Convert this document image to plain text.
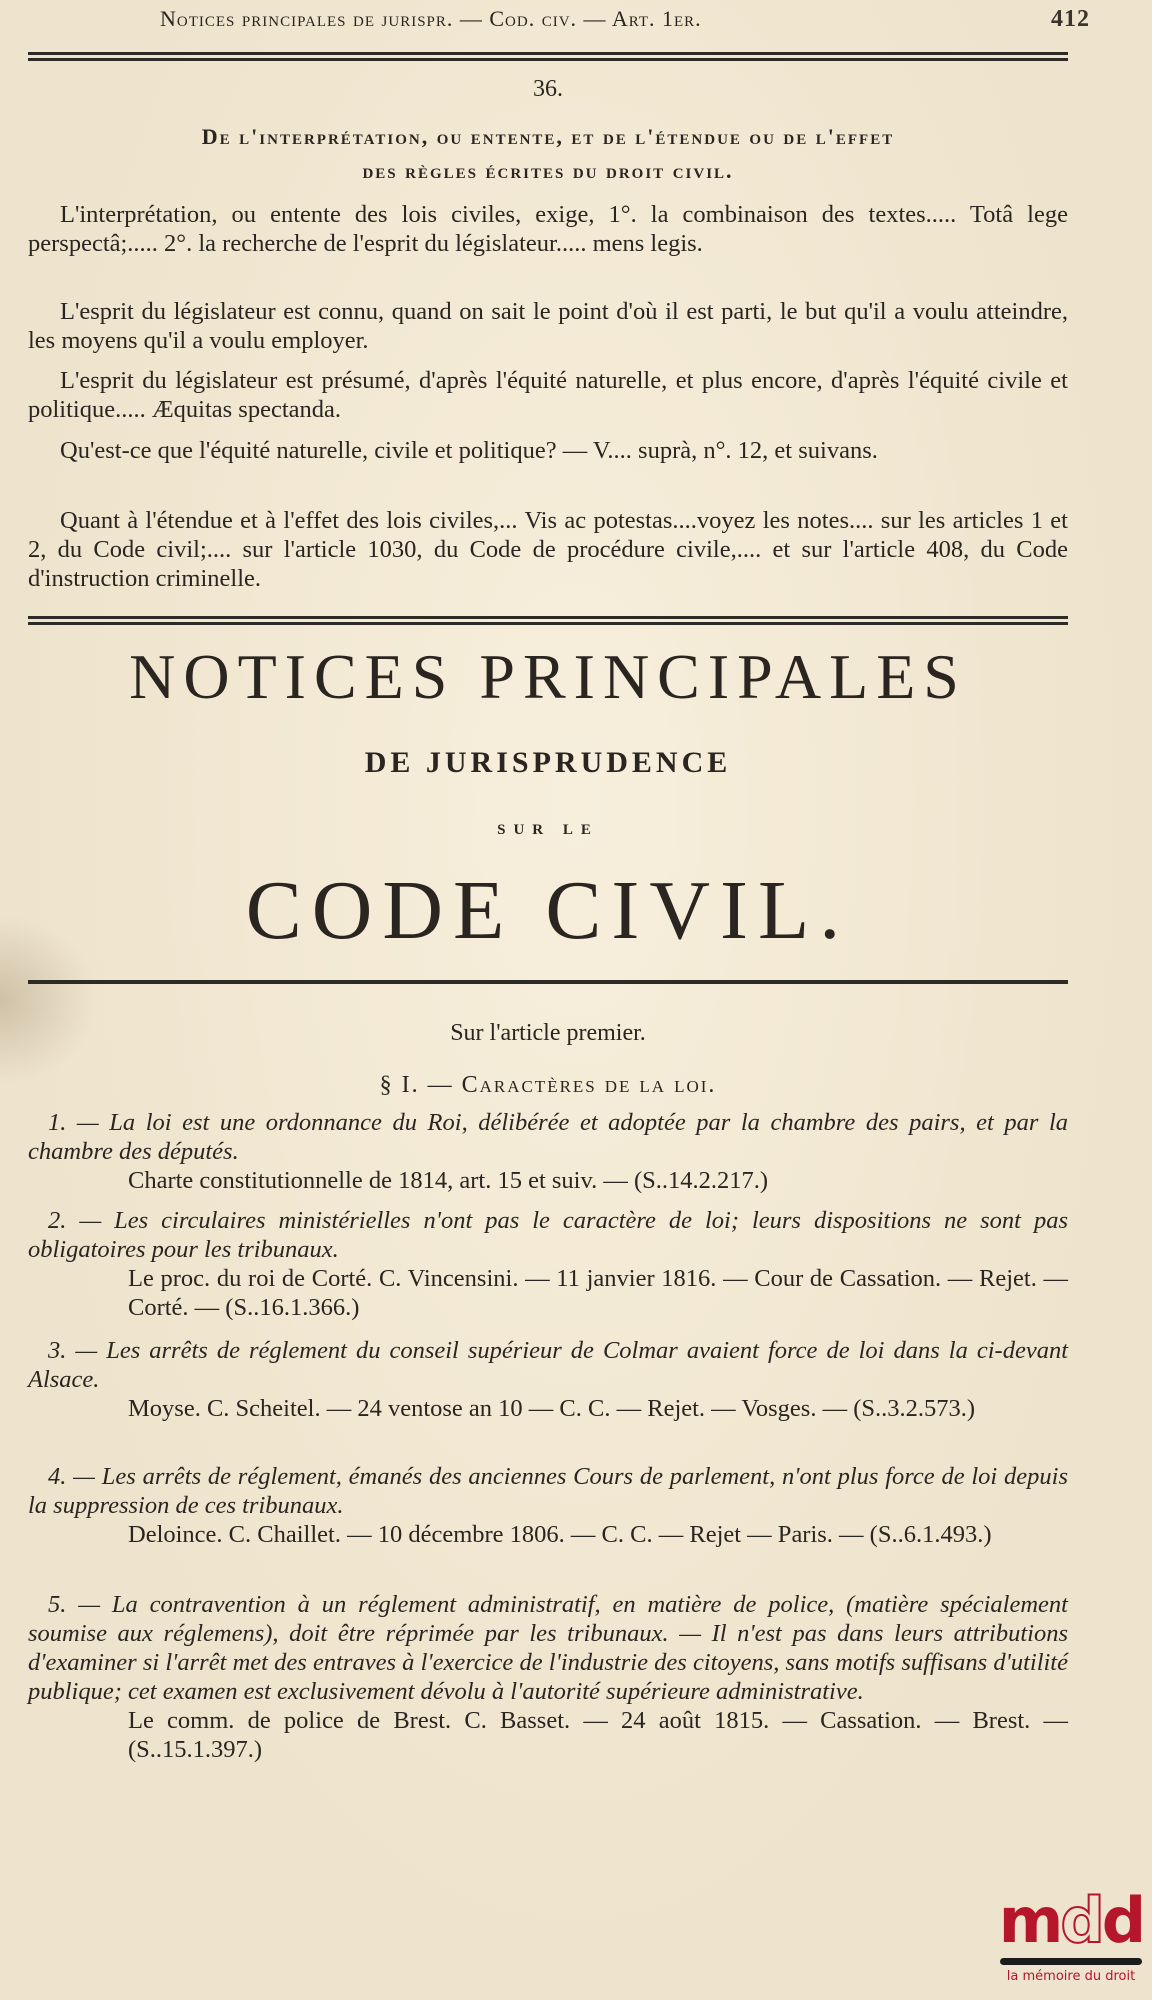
Notices principales de jurispr. — Cod. civ. — Art. 1er.	412
36.
De l'interprétation, ou entente, et de l'étendue ou de l'effet
des règles écrites du droit civil.

L'interprétation, ou entente des lois civiles, exige, 1°. la combinaison des textes..... Totâ lege perspectâ;..... 2°. la recherche de l'esprit du législateur..... mens legis.

L'esprit du législateur est connu, quand on sait le point d'où il est parti, le but qu'il a voulu atteindre, les moyens qu'il a voulu employer.

L'esprit du législateur est présumé, d'après l'équité naturelle, et plus encore, d'après l'équité civile et politique..... Æquitas spectanda.

Qu'est-ce que l'équité naturelle, civile et politique? — V.... suprà, n°. 12, et suivans.

Quant à l'étendue et à l'effet des lois civiles,... Vis ac potestas....voyez les notes.... sur les articles 1 et 2, du Code civil;.... sur l'article 1030, du Code de procédure civile,.... et sur l'article 408, du Code d'instruction criminelle.

NOTICES PRINCIPALES
DE JURISPRUDENCE
SUR LE
CODE CIVIL.
Sur l'article premier.
§ I. — Caractères de la loi.
1. — La loi est une ordonnance du Roi, délibérée et adoptée par la chambre des pairs, et par la chambre des députés.
Charte constitutionnelle de 1814, art. 15 et suiv. — (S..14.2.217.)
2. — Les circulaires ministérielles n'ont pas le caractère de loi; leurs dispositions ne sont pas obligatoires pour les tribunaux.
Le proc. du roi de Corté. C. Vincensini. — 11 janvier 1816. — Cour de Cassation. — Rejet. — Corté. — (S..16.1.366.)
3. — Les arrêts de réglement du conseil supérieur de Colmar avaient force de loi dans la ci-devant Alsace.
Moyse. C. Scheitel. — 24 ventose an 10 — C. C. — Rejet. — Vosges. — (S..3.2.573.)
4. — Les arrêts de réglement, émanés des anciennes Cours de parlement, n'ont plus force de loi depuis la suppression de ces tribunaux.
Deloince. C. Chaillet. — 10 décembre 1806. — C. C. — Rejet — Paris. — (S..6.1.493.)
5. — La contravention à un réglement administratif, en matière de police, (matière spécialement soumise aux réglemens), doit être réprimée par les tribunaux. — Il n'est pas dans leurs attributions d'examiner si l'arrêt met des entraves à l'exercice de l'industrie des citoyens, sans motifs suffisans d'utilité publique; cet examen est exclusivement dévolu à l'autorité supérieure administrative.
Le comm. de police de Brest. C. Basset. — 24 août 1815. — Cassation. — Brest. — (S..15.1.397.)
mdd
la mémoire du droit
